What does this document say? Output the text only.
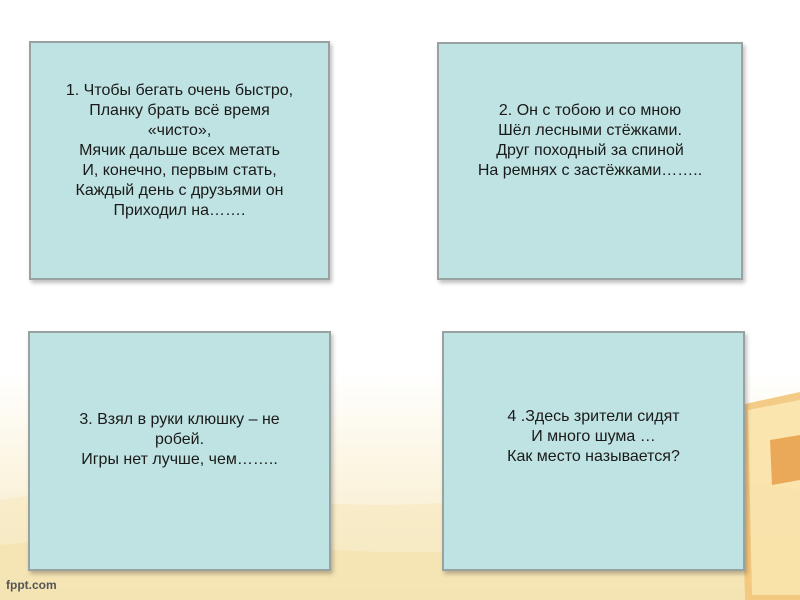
1. Чтобы бегать очень быстро,
Планку брать всё время
«чисто»,
Мячик дальше всех метать
И, конечно, первым стать,
Каждый день с друзьями он
Приходил на…….
2. Он с тобою и со мною
Шёл лесными стёжками.
Друг походный за спиной
На ремнях с застёжками……..
3. Взял в руки клюшку – не
робей.
Игры нет лучше, чем……..
4 .Здесь зрители сидят
И много шума …
Как место называется?
fppt.com
